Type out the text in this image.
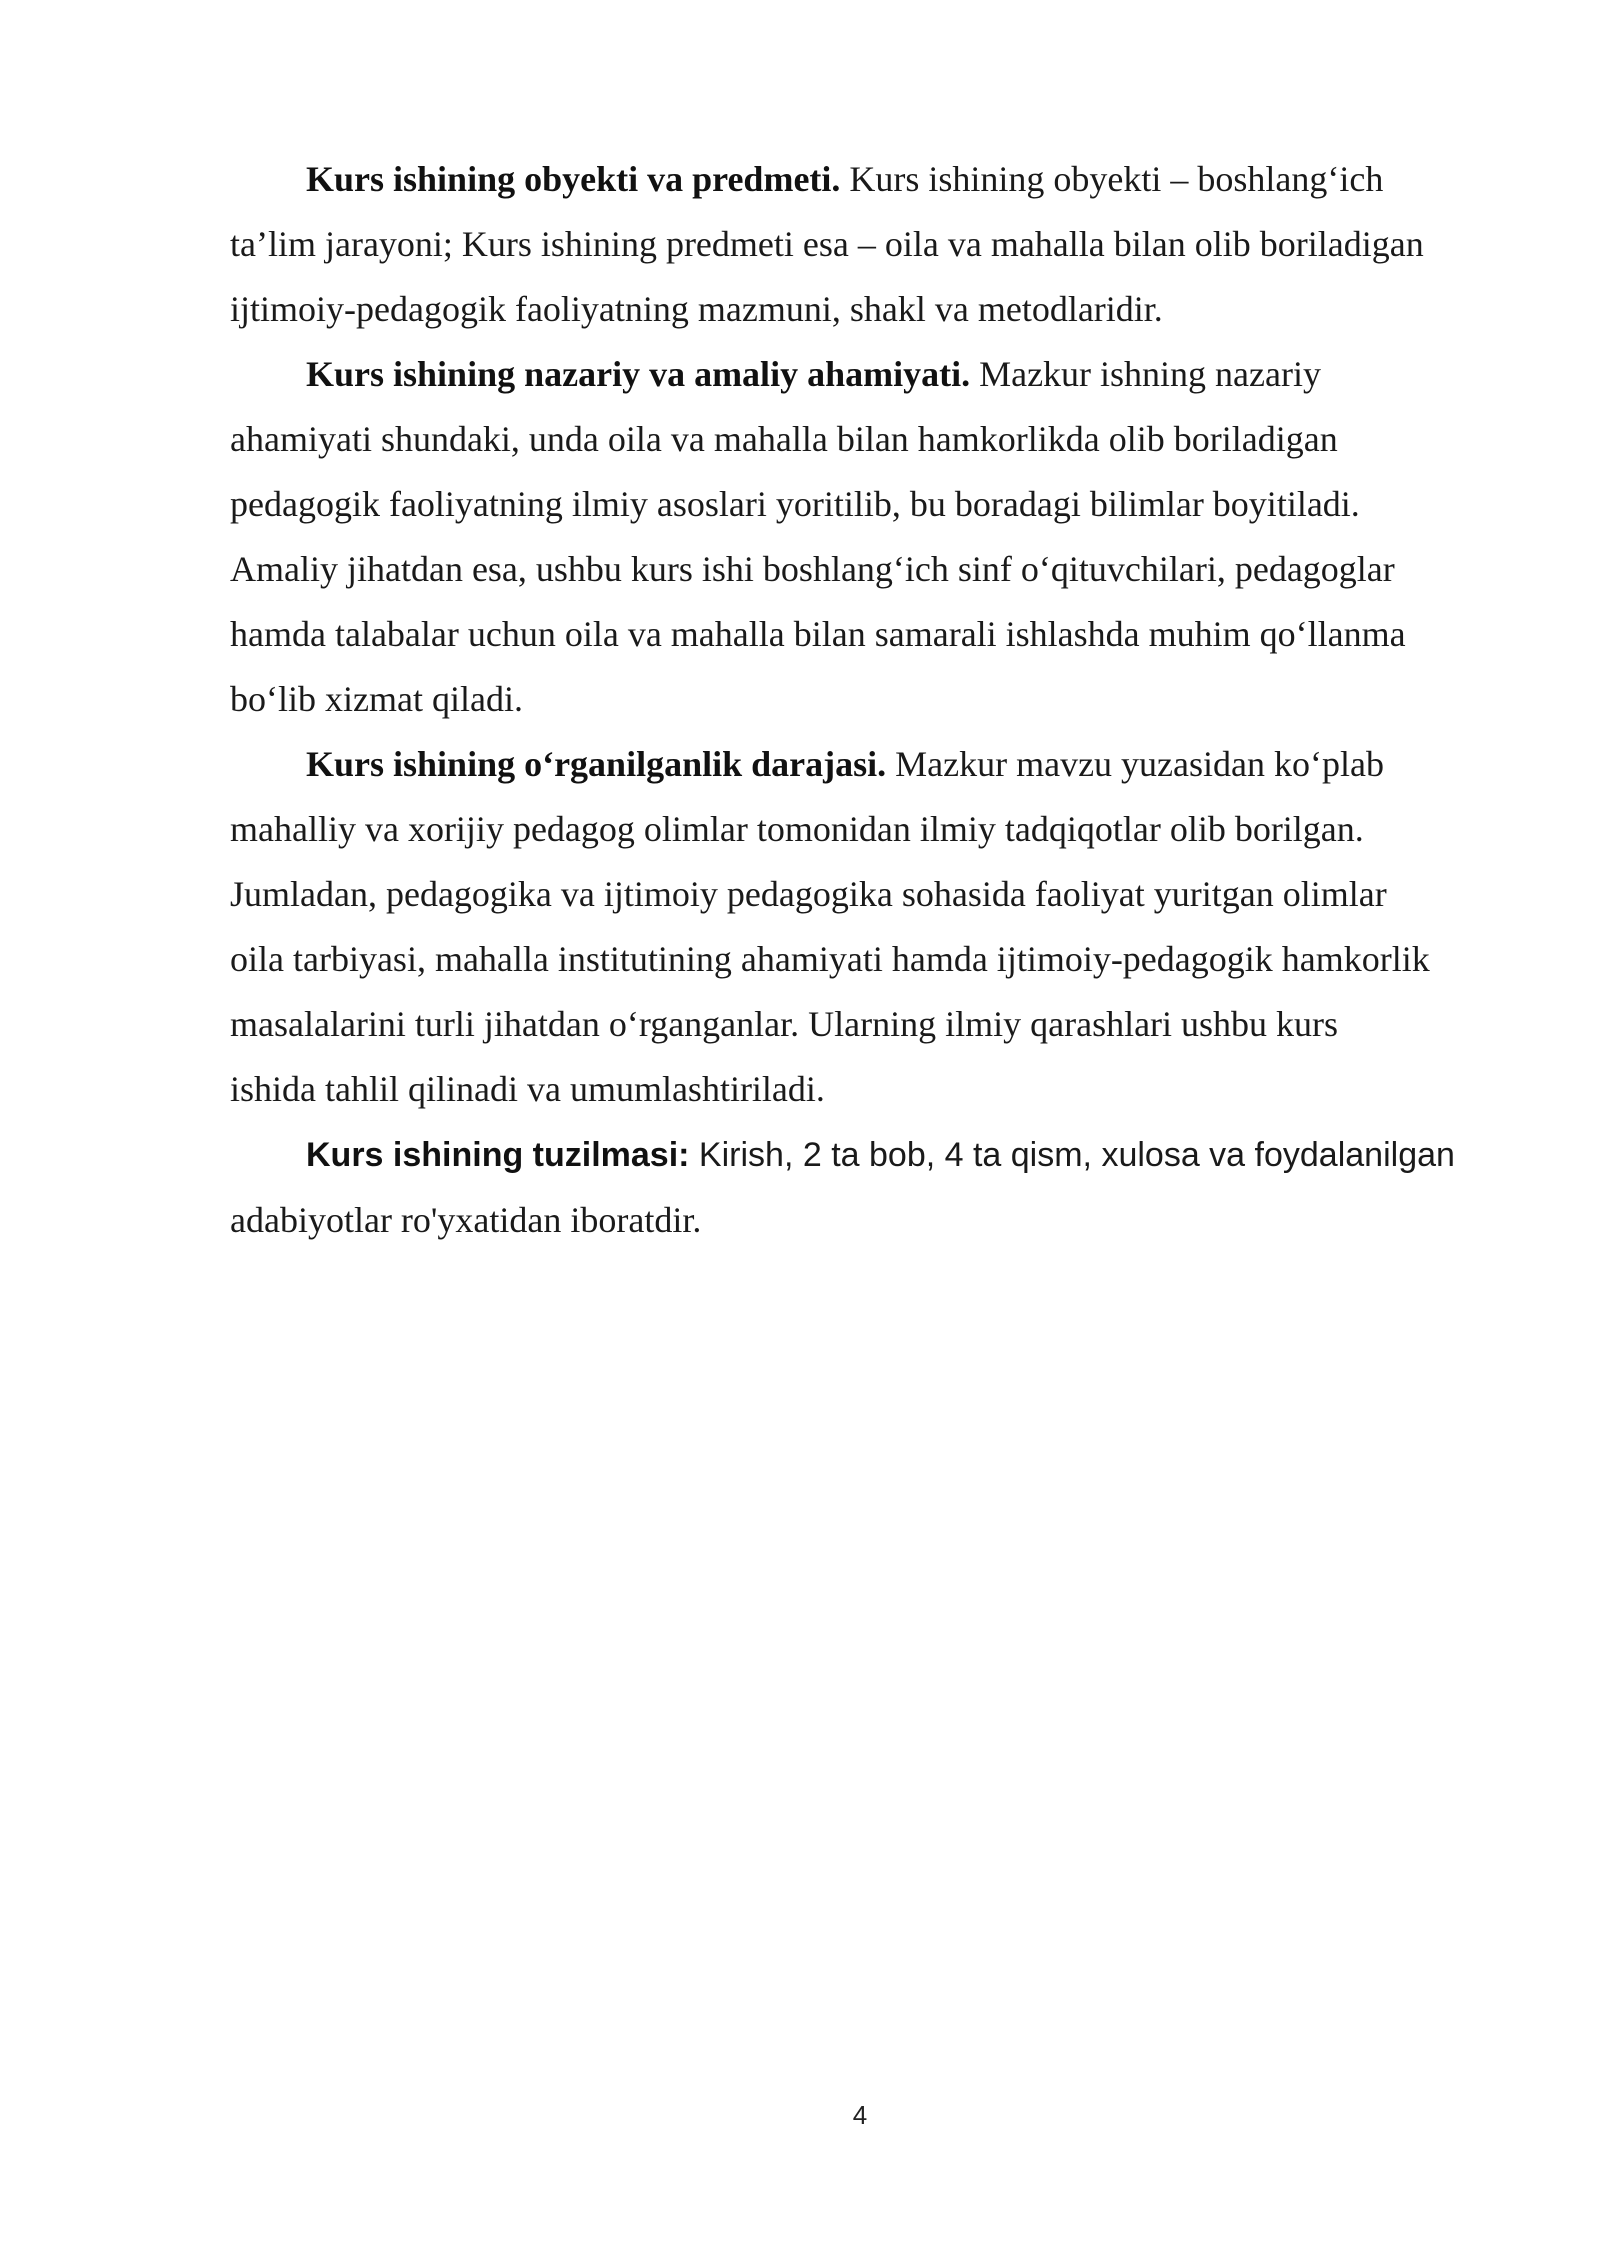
Kurs ishining obyekti va predmeti. Kurs ishining obyekti – boshlang‘ich
ta’lim jarayoni; Kurs ishining predmeti esa – oila va mahalla bilan olib boriladigan
ijtimoiy-pedagogik faoliyatning mazmuni, shakl va metodlaridir.

Kurs ishining nazariy va amaliy ahamiyati. Mazkur ishning nazariy
ahamiyati shundaki, unda oila va mahalla bilan hamkorlikda olib boriladigan
pedagogik faoliyatning ilmiy asoslari yoritilib, bu boradagi bilimlar boyitiladi.
Amaliy jihatdan esa, ushbu kurs ishi boshlang‘ich sinf o‘qituvchilari, pedagoglar
hamda talabalar uchun oila va mahalla bilan samarali ishlashda muhim qo‘llanma
bo‘lib xizmat qiladi.

Kurs ishining o‘rganilganlik darajasi. Mazkur mavzu yuzasidan ko‘plab
mahalliy va xorijiy pedagog olimlar tomonidan ilmiy tadqiqotlar olib borilgan.
Jumladan, pedagogika va ijtimoiy pedagogika sohasida faoliyat yuritgan olimlar
oila tarbiyasi, mahalla institutining ahamiyati hamda ijtimoiy-pedagogik hamkorlik
masalalarini turli jihatdan o‘rganganlar. Ularning ilmiy qarashlari ushbu kurs
ishida tahlil qilinadi va umumlashtiriladi.

Kurs ishining tuzilmasi: Kirish, 2 ta bob, 4 ta qism, xulosa va foydalanilgan
adabiyotlar ro'yxatidan iboratdir.

4
